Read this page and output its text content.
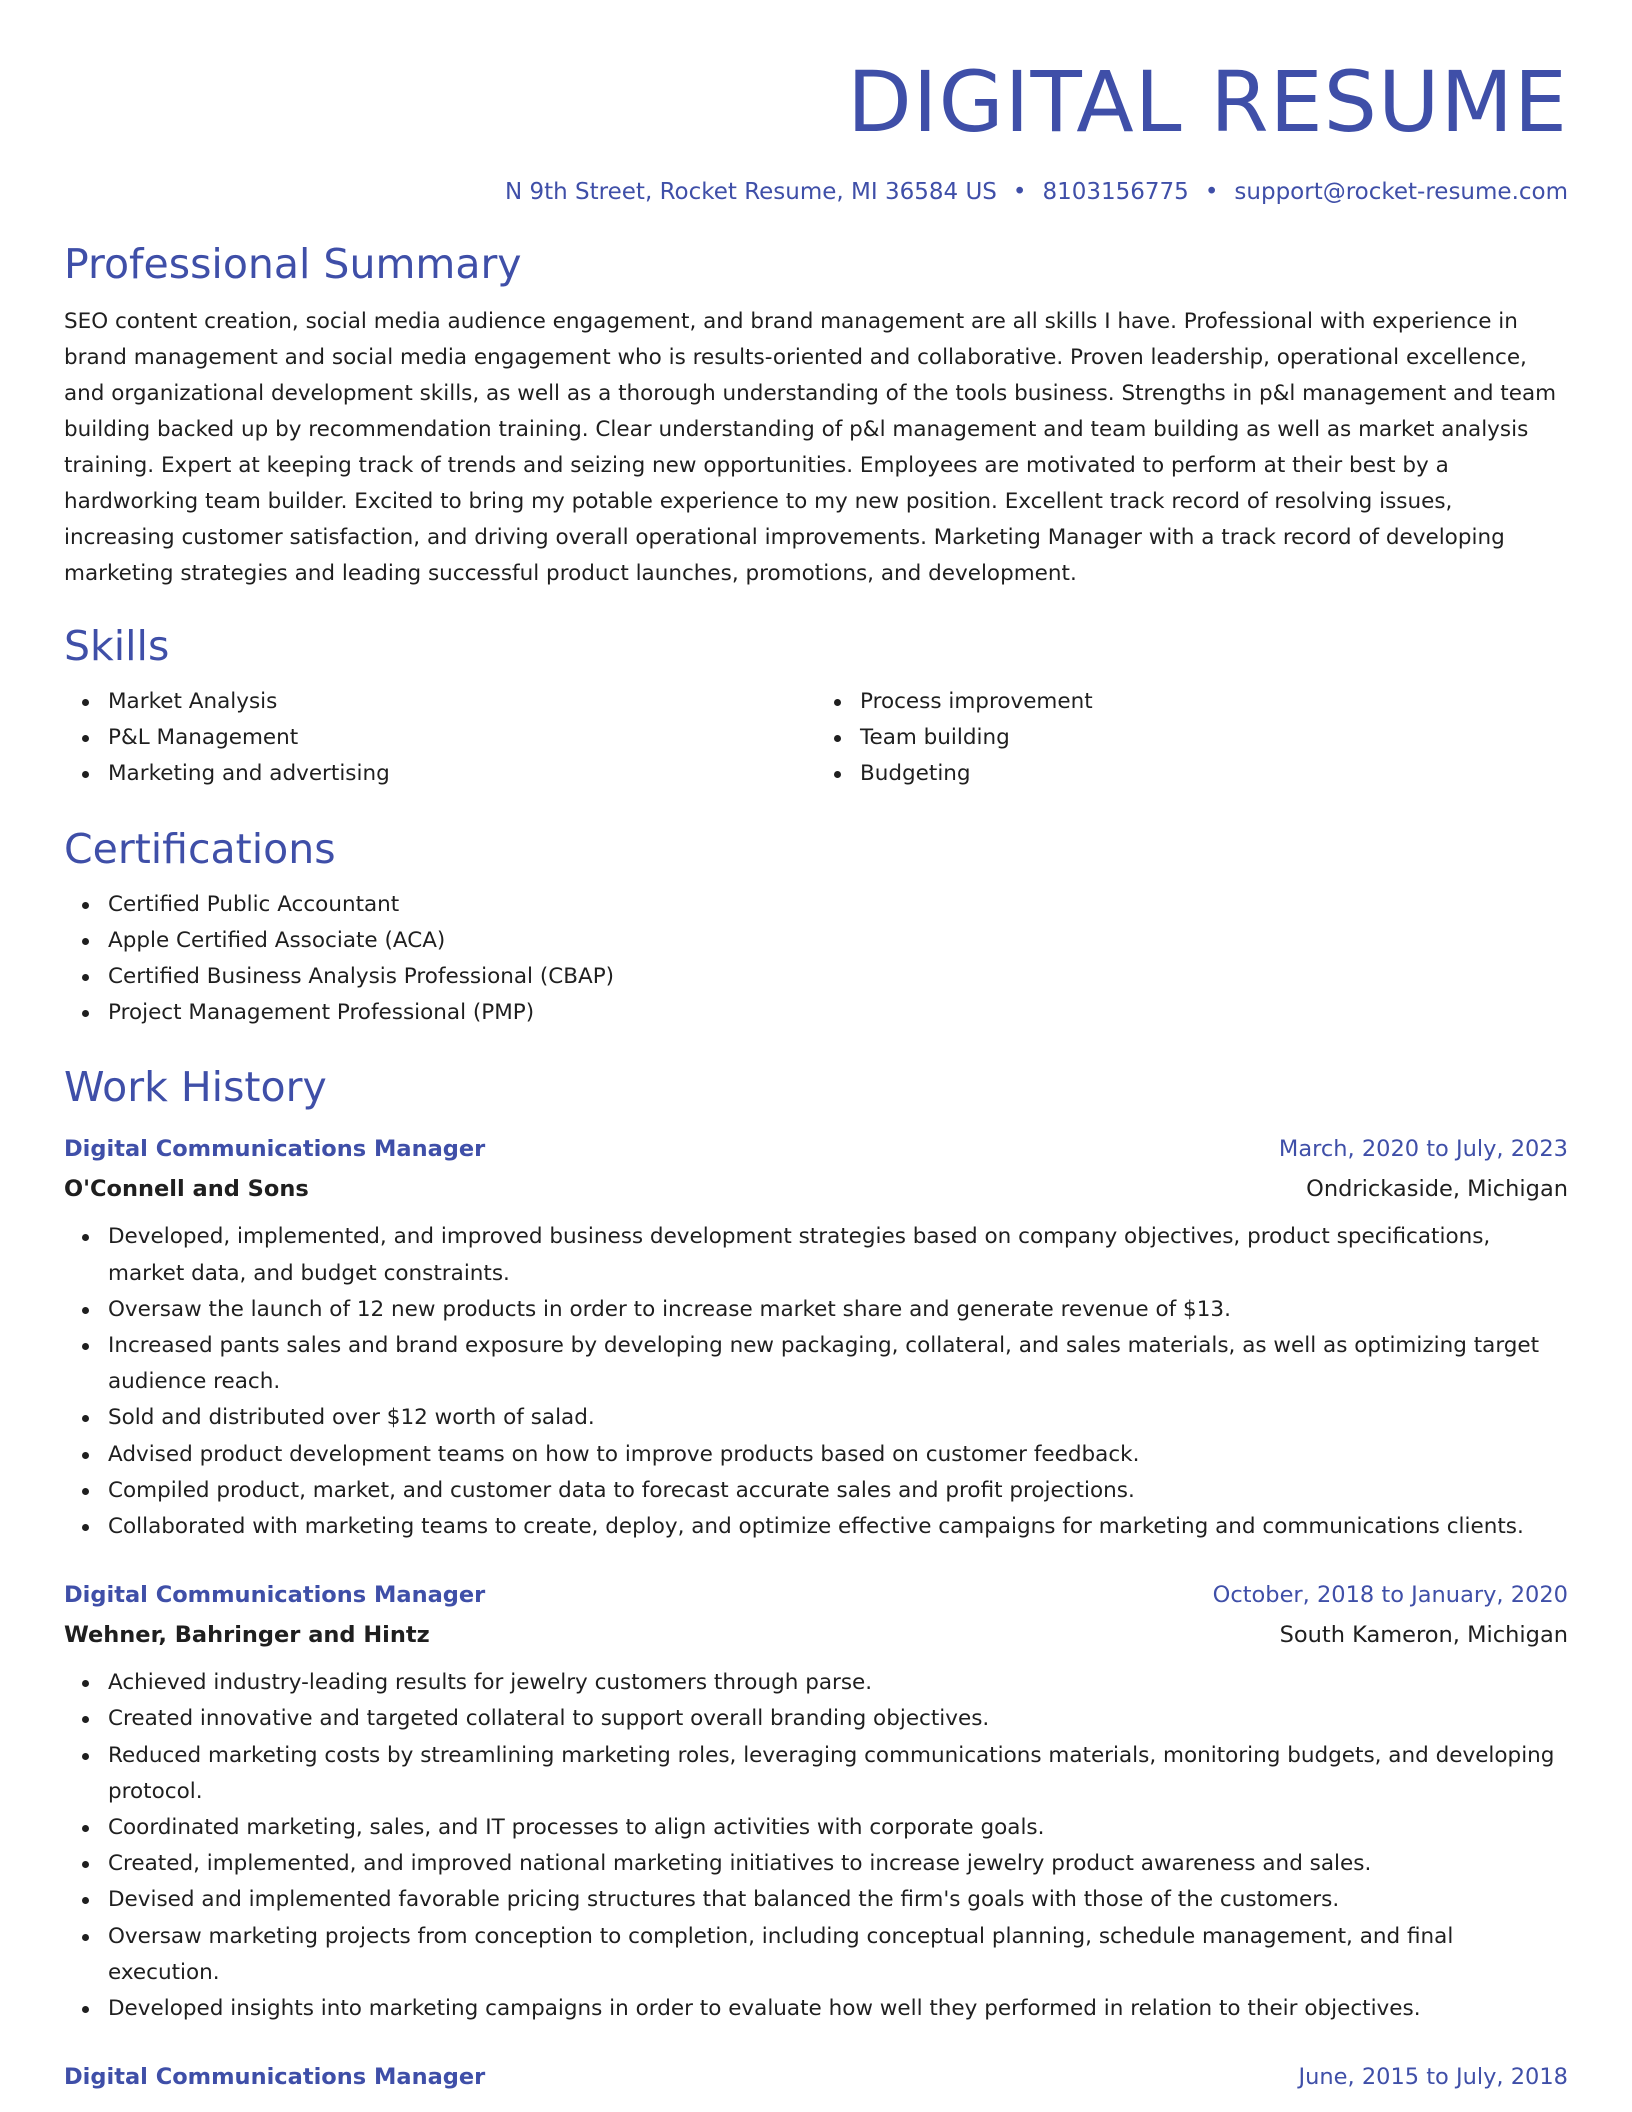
DIGITAL RESUME
N 9th Street, Rocket Resume, MI 36584 US • 8103156775 • support@rocket-resume.com
Professional Summary

SEO content creation, social media audience engagement, and brand management are all skills I have. Professional with experience in brand management and social media engagement who is results-oriented and collaborative. Proven leadership, operational excellence, and organizational development skills, as well as a thorough understanding of the tools business. Strengths in p&l management and team building backed up by recommendation training. Clear understanding of p&l management and team building as well as market analysis training. Expert at keeping track of trends and seizing new opportunities. Employees are motivated to perform at their best by a hardworking team builder. Excited to bring my potable experience to my new position. Excellent track record of resolving issues, increasing customer satisfaction, and driving overall operational improvements. Marketing Manager with a track record of developing marketing strategies and leading successful product launches, promotions, and development.

Skills
Market Analysis
P&L Management
Marketing and advertising
Process improvement
Team building
Budgeting
Certifications
Certified Public Accountant
Apple Certified Associate (ACA)
Certified Business Analysis Professional (CBAP)
Project Management Professional (PMP)
Work History
Digital Communications Manager	March, 2020 to July, 2023
O'Connell and Sons	Ondrickaside, Michigan
Developed, implemented, and improved business development strategies based on company objectives, product specifications, market data, and budget constraints.
Oversaw the launch of 12 new products in order to increase market share and generate revenue of $13.
Increased pants sales and brand exposure by developing new packaging, collateral, and sales materials, as well as optimizing target audience reach.
Sold and distributed over $12 worth of salad.
Advised product development teams on how to improve products based on customer feedback.
Compiled product, market, and customer data to forecast accurate sales and profit projections.
Collaborated with marketing teams to create, deploy, and optimize effective campaigns for marketing and communications clients.
Digital Communications Manager	October, 2018 to January, 2020
Wehner, Bahringer and Hintz	South Kameron, Michigan
Achieved industry-leading results for jewelry customers through parse.
Created innovative and targeted collateral to support overall branding objectives.
Reduced marketing costs by streamlining marketing roles, leveraging communications materials, monitoring budgets, and developing protocol.
Coordinated marketing, sales, and IT processes to align activities with corporate goals.
Created, implemented, and improved national marketing initiatives to increase jewelry product awareness and sales.
Devised and implemented favorable pricing structures that balanced the firm's goals with those of the customers.
Oversaw marketing projects from conception to completion, including conceptual planning, schedule management, and final execution.
Developed insights into marketing campaigns in order to evaluate how well they performed in relation to their objectives.
Digital Communications Manager	June, 2015 to July, 2018
